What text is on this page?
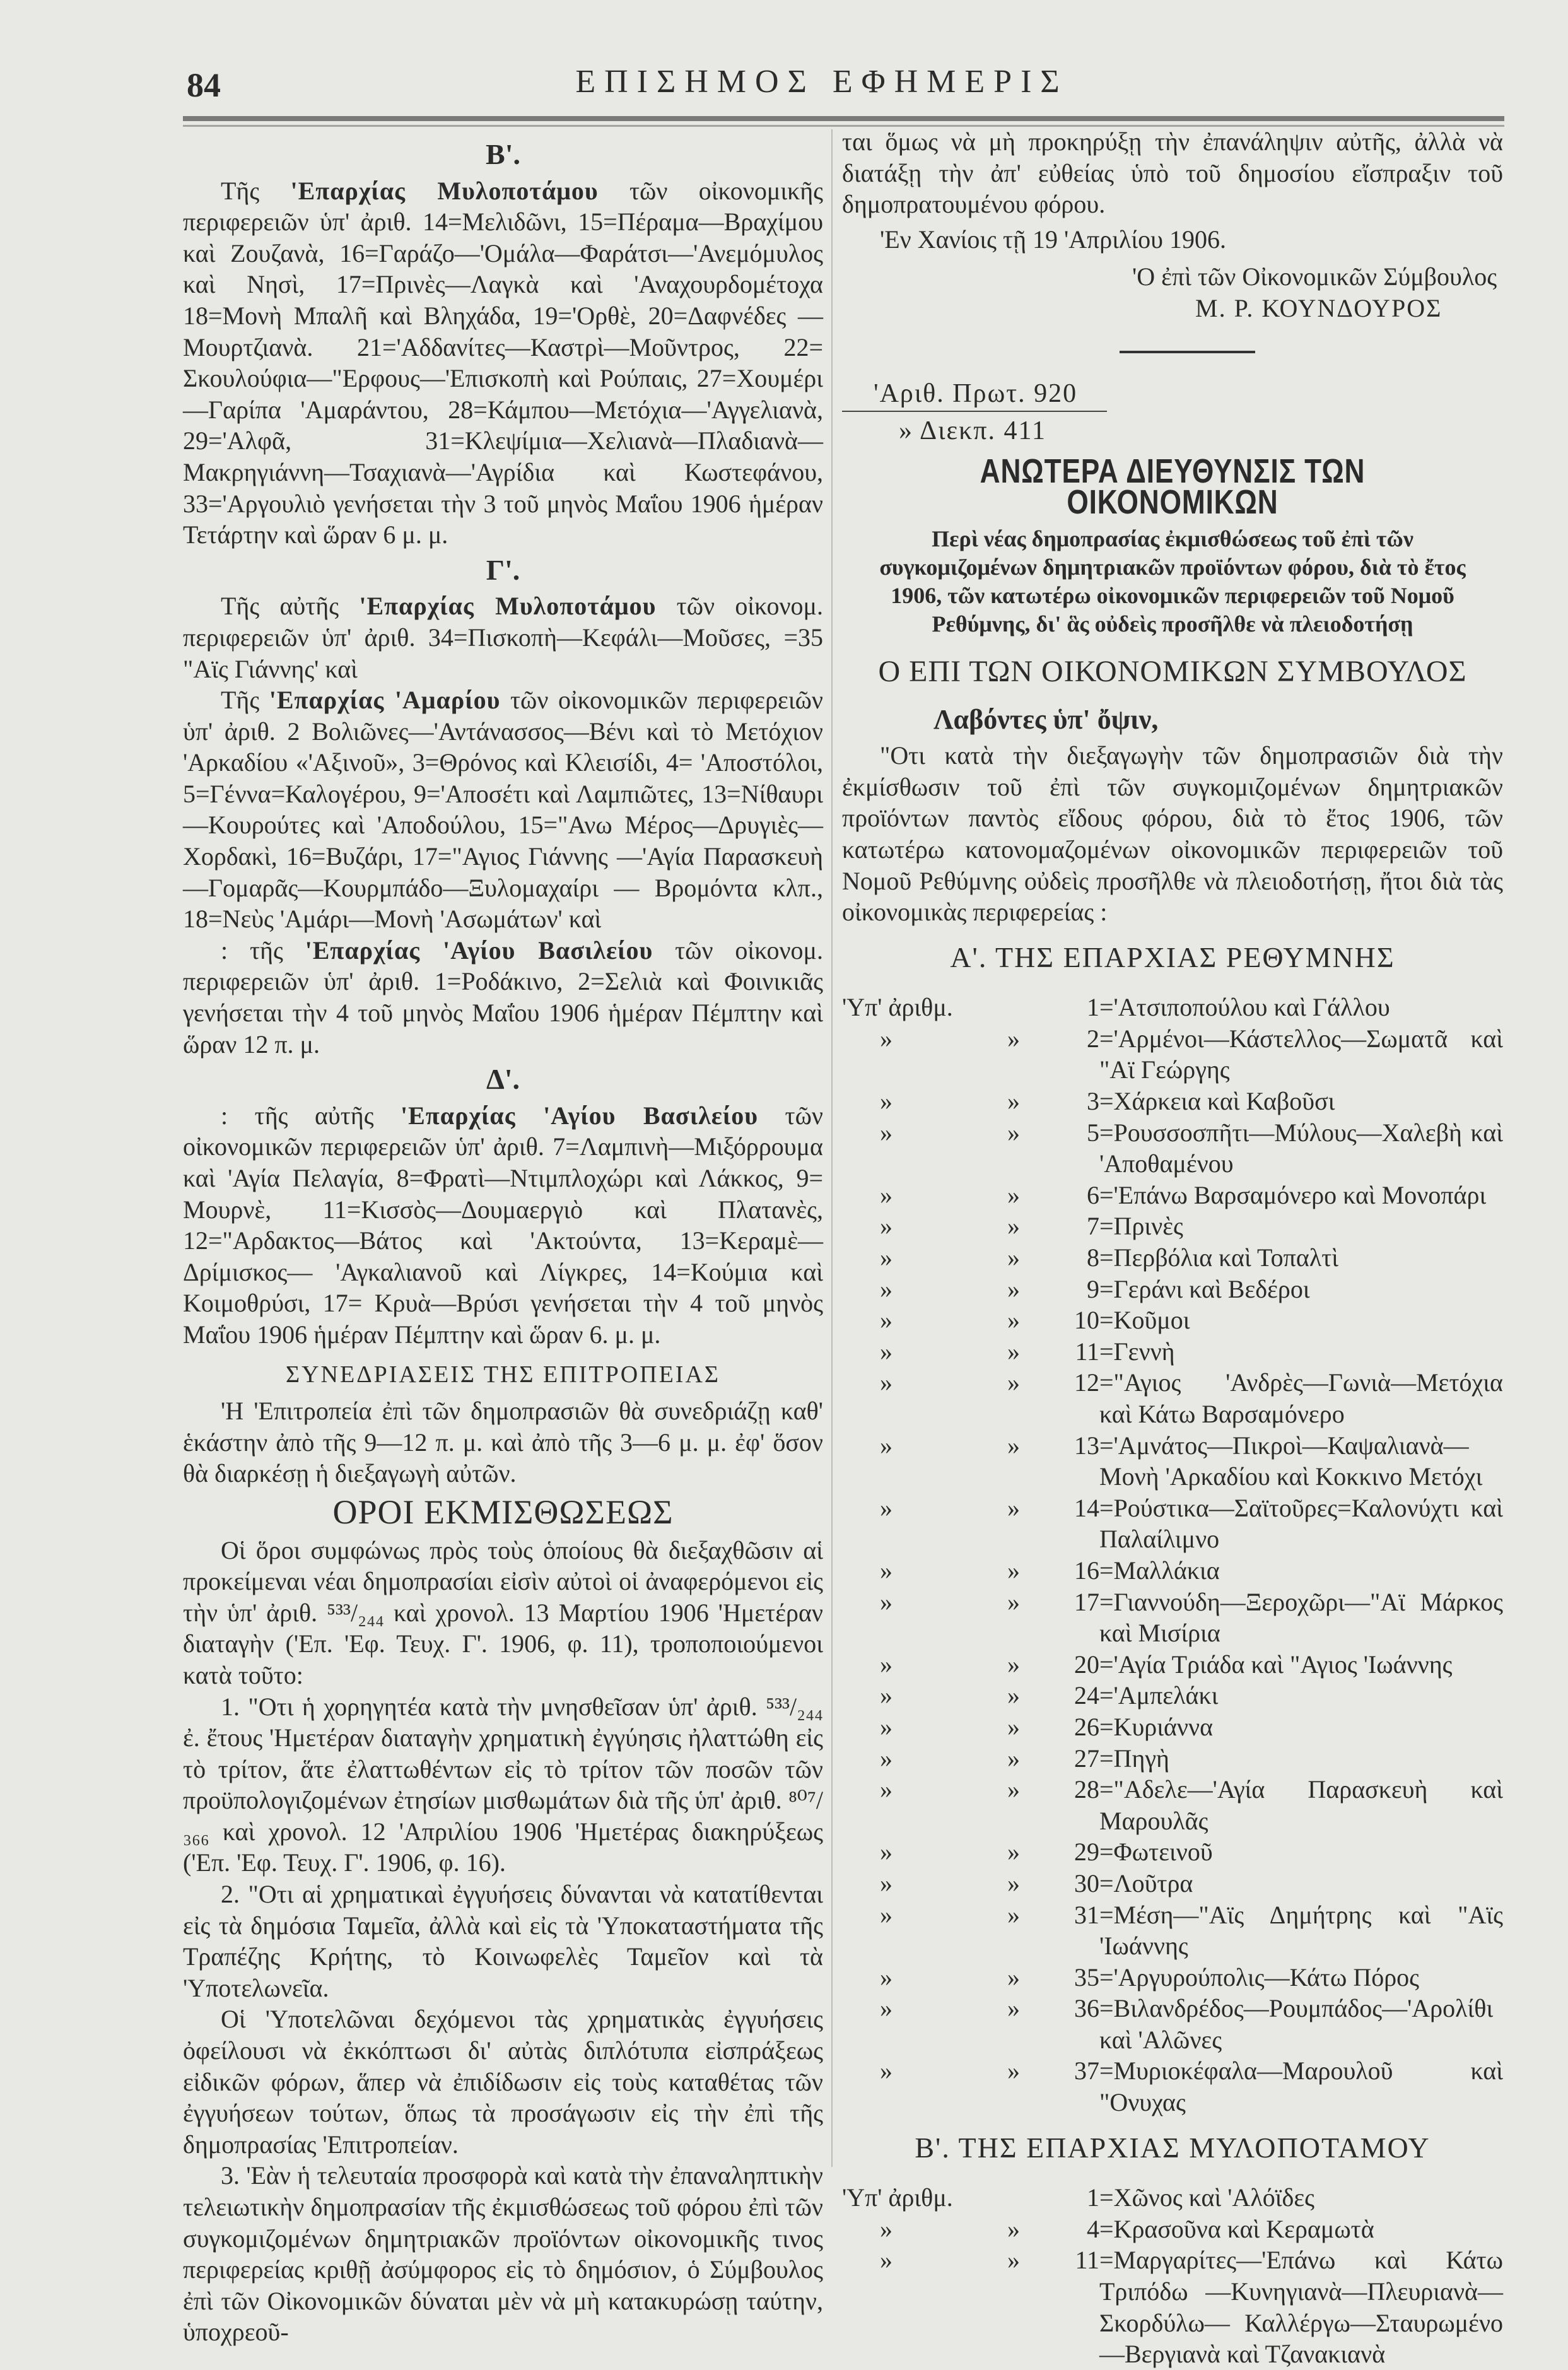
84	ΕΠΙΣΗΜΟΣ ΕΦΗΜΕΡΙΣ
Β'.

Τῆς 'Επαρχίας Μυλοποτάμου τῶν οἰκονομικῆς περιφερειῶν ὑπ' ἀριθ. 14=Μελιδῶνι, 15=Πέραμα—Βραχίμου καὶ Ζουζανὰ, 16=Γαράζο—'Ομάλα—Φαράτσι—'Ανεμόμυλος καὶ Νησὶ, 17=Πρινὲς—Λαγκὰ καὶ 'Αναχουρδομέτοχα 18=Μονὴ Μπαλῆ καὶ Βληχάδα, 19='Ορθὲ, 20=Δαφνέδες —Μουρτζιανὰ. 21='Αδδανίτες—Καστρὶ—Μοῦντρος, 22= Σκουλούφια—"Ερφους—'Επισκοπὴ καὶ Ρούπαις, 27=Χουμέρι —Γαρίπα 'Αμαράντου, 28=Κάμπου—Μετόχια—'Αγγελιανὰ, 29='Αλφᾶ, 31=Κλεψίμια—Χελιανὰ—Πλαδιανὰ—Μακρηγιάννη—Τσαχιανὰ—'Αγρίδια καὶ Κωστεφάνου, 33='Αργουλιὸ γενήσεται τὴν 3 τοῦ μηνὸς Μαΐου 1906 ἡμέραν Τετάρτην καὶ ὥραν 6 μ. μ.

Γ'.

Τῆς αὐτῆς 'Επαρχίας Μυλοποτάμου τῶν οἰκονομ. περιφερειῶν ὑπ' ἀριθ. 34=Πισκοπὴ—Κεφάλι—Μοῦσες, =35 "Αϊς Γιάννης' καὶ

Τῆς 'Επαρχίας 'Αμαρίου τῶν οἰκονομικῶν περιφερειῶν ὑπ' ἀριθ. 2 Βολιῶνες—'Αντάνασσος—Βένι καὶ τὸ Μετόχιον 'Αρκαδίου «'Αξινοῦ», 3=Θρόνος καὶ Κλεισίδι, 4= 'Αποστόλοι, 5=Γέννα=Καλογέρου, 9='Αποσέτι καὶ Λαμπιῶτες, 13=Νίθαυρι—Κουρούτες καὶ 'Αποδούλου, 15="Ανω Μέρος—Δρυγιὲς—Χορδακὶ, 16=Βυζάρι, 17="Αγιος Γιάννης —'Αγία Παρασκευὴ—Γομαρᾶς—Κουρμπάδο—Ξυλομαχαίρι — Βρομόντα κλπ., 18=Νεὺς 'Αμάρι—Μονὴ 'Ασωμάτων' καὶ

: τῆς 'Επαρχίας 'Αγίου Βασιλείου τῶν οἰκονομ. περιφερειῶν ὑπ' ἀριθ. 1=Ροδάκινο, 2=Σελιὰ καὶ Φοινικιᾶς γενήσεται τὴν 4 τοῦ μηνὸς Μαΐου 1906 ἡμέραν Πέμπτην καὶ ὥραν 12 π. μ.

Δ'.

: τῆς αὐτῆς 'Επαρχίας 'Αγίου Βασιλείου τῶν οἰκονομικῶν περιφερειῶν ὑπ' ἀριθ. 7=Λαμπινὴ—Μιξόρρουμα καὶ 'Αγία Πελαγία, 8=Φρατὶ—Ντιμπλοχώρι καὶ Λάκκος, 9= Μουρνὲ, 11=Κισσὸς—Δουμαεργιὸ καὶ Πλατανὲς, 12="Αρδακτος—Βάτος καὶ 'Ακτούντα, 13=Κεραμὲ—Δρίμισκος— 'Αγκαλιανοῦ καὶ Λίγκρες, 14=Κούμια καὶ Κοιμοθρύσι, 17= Κρυὰ—Βρύσι γενήσεται τὴν 4 τοῦ μηνὸς Μαΐου 1906 ἡμέραν Πέμπτην καὶ ὥραν 6. μ. μ.

ΣΥΝΕΔΡΙΑΣΕΙΣ ΤΗΣ ΕΠΙΤΡΟΠΕΙΑΣ

'Η 'Επιτροπεία ἐπὶ τῶν δημοπρασιῶν θὰ συνεδριάζῃ καθ' ἑκάστην ἀπὸ τῆς 9—12 π. μ. καὶ ἀπὸ τῆς 3—6 μ. μ. ἐφ' ὅσον θὰ διαρκέσῃ ἡ διεξαγωγὴ αὐτῶν.

ΟΡΟΙ ΕΚΜΙΣΘΩΣΕΩΣ

Οἱ ὅροι συμφώνως πρὸς τοὺς ὁποίους θὰ διεξαχθῶσιν αἱ προκείμεναι νέαι δημοπρασίαι εἰσὶν αὐτοὶ οἱ ἀναφερόμενοι εἰς τὴν ὑπ' ἀριθ. ⁵³³/₂₄₄ καὶ χρονολ. 13 Μαρτίου 1906 'Ημετέραν διαταγὴν ('Επ. 'Εφ. Τευχ. Γ'. 1906, φ. 11), τροποποιούμενοι κατὰ τοῦτο:

1. "Οτι ἡ χορηγητέα κατὰ τὴν μνησθεῖσαν ὑπ' ἀριθ. ⁵³³/₂₄₄ ἐ. ἔτους 'Ημετέραν διαταγὴν χρηματικὴ ἐγγύησις ἠλαττώθη εἰς τὸ τρίτον, ἅτε ἐλαττωθέντων εἰς τὸ τρίτον τῶν ποσῶν τῶν προϋπολογιζομένων ἐτησίων μισθωμάτων διὰ τῆς ὑπ' ἀριθ. ⁸⁰⁷/₃₆₆ καὶ χρονολ. 12 'Απριλίου 1906 'Ημετέρας διακηρύξεως ('Επ. 'Εφ. Τευχ. Γ'. 1906, φ. 16).

2. "Οτι αἱ χρηματικαὶ ἐγγυήσεις δύνανται νὰ κατατίθενται εἰς τὰ δημόσια Ταμεῖα, ἀλλὰ καὶ εἰς τὰ 'Υποκαταστήματα τῆς Τραπέζης Κρήτης, τὸ Κοινωφελὲς Ταμεῖον καὶ τὰ 'Υποτελωνεῖα.

Οἱ 'Υποτελῶναι δεχόμενοι τὰς χρηματικὰς ἐγγυήσεις ὀφείλουσι νὰ ἐκκόπτωσι δι' αὐτὰς διπλότυπα εἰσπράξεως εἰδικῶν φόρων, ἅπερ νὰ ἐπιδίδωσιν εἰς τοὺς καταθέτας τῶν ἐγγυήσεων τούτων, ὅπως τὰ προσάγωσιν εἰς τὴν ἐπὶ τῆς δημοπρασίας 'Επιτροπείαν.

3. 'Εὰν ἡ τελευταία προσφορὰ καὶ κατὰ τὴν ἐπαναληπτικὴν τελειωτικὴν δημοπρασίαν τῆς ἐκμισθώσεως τοῦ φόρου ἐπὶ τῶν συγκομιζομένων δημητριακῶν προϊόντων οἰκονομικῆς τινος περιφερείας κριθῇ ἀσύμφορος εἰς τὸ δημόσιον, ὁ Σύμβουλος ἐπὶ τῶν Οἰκονομικῶν δύναται μὲν νὰ μὴ κατακυρώσῃ ταύτην, ὑποχρεοῦ-

ται ὅμως νὰ μὴ προκηρύξῃ τὴν ἐπανάληψιν αὐτῆς, ἀλλὰ νὰ διατάξῃ τὴν ἀπ' εὐθείας ὑπὸ τοῦ δημοσίου εἴσπραξιν τοῦ δημοπρατουμένου φόρου.

'Εν Χανίοις τῇ 19 'Απριλίου 1906.
'Ο ἐπὶ τῶν Οἰκονομικῶν Σύμβουλος
Μ. Ρ. ΚΟΥΝΔΟΥΡΟΣ
'Αριθ. Πρωτ. 920
» Διεκπ. 411
ΑΝΩΤΕΡΑ ΔΙΕΥΘΥΝΣΙΣ ΤΩΝ ΟΙΚΟΝΟΜΙΚΩΝ
Περὶ νέας δημοπρασίας ἐκμισθώσεως τοῦ ἐπὶ τῶν συγκομιζομένων δημητριακῶν προϊόντων φόρου, διὰ τὸ ἔτος 1906, τῶν κατωτέρω οἰκονομικῶν περιφερειῶν τοῦ Νομοῦ Ρεθύμνης, δι' ἃς οὐδεὶς προσῆλθε νὰ πλειοδοτήσῃ
Ο ΕΠΙ ΤΩΝ ΟΙΚΟΝΟΜΙΚΩΝ ΣΥΜΒΟΥΛΟΣ
Λαβόντες ὑπ' ὄψιν,

"Οτι κατὰ τὴν διεξαγωγὴν τῶν δημοπρασιῶν διὰ τὴν ἐκμίσθωσιν τοῦ ἐπὶ τῶν συγκομιζομένων δημητριακῶν προϊόντων παντὸς εἴδους φόρου, διὰ τὸ ἔτος 1906, τῶν κατωτέρω κατονομαζομένων οἰκονομικῶν περιφερειῶν τοῦ Νομοῦ Ρεθύμνης οὐδεὶς προσῆλθε νὰ πλειοδοτήσῃ, ἤτοι διὰ τὰς οἰκονομικὰς περιφερείας :

Α'. ΤΗΣ ΕΠΑΡΧΙΑΣ ΡΕΘΥΜΝΗΣ
'Υπ' ἀριθμ.	1='Ατσιποπούλου καὶ Γάλλου
»	»	2='Αρμένοι—Κάστελλος—Σωματᾶ καὶ "Αϊ Γεώργης
»	»	3=Χάρκεια καὶ Καβοῦσι
»	»	5=Ρουσσοσπῆτι—Μύλους—Χαλεβὴ καὶ 'Αποθαμένου
»	»	6='Επάνω Βαρσαμόνερο καὶ Μονοπάρι
»	»	7=Πρινὲς
»	»	8=Περβόλια καὶ Τοπαλτὶ
»	»	9=Γεράνι καὶ Βεδέροι
»	»	10=Κοῦμοι
»	»	11=Γεννὴ
»	»	12="Αγιος 'Ανδρὲς—Γωνιὰ—Μετόχια καὶ Κάτω Βαρσαμόνερο
»	»	13='Αμνάτος—Πικροὶ—Καψαλιανὰ—Μονὴ 'Αρκαδίου καὶ Κοκκινο Μετόχι
»	»	14=Ρούστικα—Σαϊτοῦρες=Καλονύχτι καὶ Παλαίλιμνο
»	»	16=Μαλλάκια
»	»	17=Γιαννούδη—Ξεροχῶρι—"Αϊ Μάρκος καὶ Μισίρια
»	»	20='Αγία Τριάδα καὶ "Αγιος 'Ιωάννης
»	»	24='Αμπελάκι
»	»	26=Κυριάννα
»	»	27=Πηγὴ
»	»	28="Αδελε—'Αγία Παρασκευὴ καὶ Μαρουλᾶς
»	»	29=Φωτεινοῦ
»	»	30=Λοῦτρα
»	»	31=Μέση—"Αϊς Δημήτρης καὶ "Αϊς 'Ιωάννης
»	»	35='Αργυρούπολις—Κάτω Πόρος
»	»	36=Βιλανδρέδος—Ρουμπάδος—'Αρολίθι καὶ 'Αλῶνες
»	»	37=Μυριοκέφαλα—Μαρουλοῦ καὶ "Ονυχας
Β'. ΤΗΣ ΕΠΑΡΧΙΑΣ ΜΥΛΟΠΟΤΑΜΟΥ
'Υπ' ἀριθμ.	1=Χῶνος καὶ 'Αλόϊδες
»	»	4=Κρασοῦνα καὶ Κεραμωτὰ
»	»	11=Μαργαρίτες—'Επάνω καὶ Κάτω Τριπόδω —Κυνηγιανὰ—Πλευριανὰ—Σκορδύλω— Καλλέργω—Σταυρωμένο—Βεργιανὰ καὶ Τζανακιανὰ
